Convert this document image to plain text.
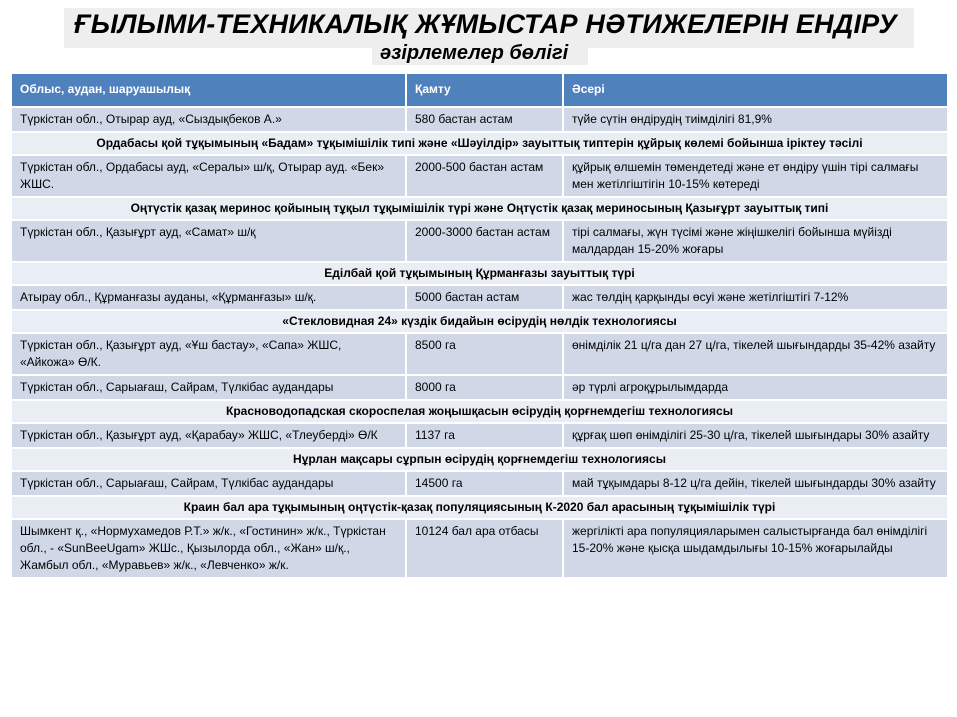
ҒЫЛЫМИ-ТЕХНИКАЛЫҚ ЖҰМЫСТАР НӘТИЖЕЛЕРІН ЕНДІРУ
әзірлемелер бөлігі
Облыс, аудан, шаруашылық	Қамту	Әсері
Түркістан обл., Отырар ауд, «Сыздықбеков А.»	580 бастан астам	түйе сүтін өндірудің тиімділігі 81,9%
Ордабасы қой тұқымының «Бадам» тұқымішілік типі және «Шәуілдір» зауыттық типтерін құйрық көлемі бойынша іріктеу тәсілі		
Түркістан обл., Ордабасы ауд, «Сералы» ш/қ, Отырар ауд. «Бек» ЖШС.	2000-500 бастан астам	құйрық өлшемін төмендетеді және ет өндіру үшін тірі салмағы мен жетілгіштігін 10-15% көтереді
Оңтүстік қазақ меринос қойының тұқыл тұқымішілік түрі және Оңтүстік қазақ мериносының Қазығұрт зауыттық типі		
Түркістан обл., Қазығұрт ауд, «Самат» ш/қ	2000-3000 бастан астам	тірі салмағы, жүн түсімі және жіңішкелігі бойынша мүйізді малдардан 15-20% жоғары
Еділбай қой тұқымының Құрманғазы зауыттық түрі		
Атырау обл., Құрманғазы ауданы, «Құрманғазы» ш/қ.	5000 бастан астам	жас төлдің қарқынды өсуі және жетілгіштігі 7-12%
«Стекловидная 24» күздік бидайын өсірудің нөлдік технологиясы		
Түркістан обл., Қазығұрт ауд, «Ұш бастау», «Сапа» ЖШС, «Айкожа» Ө/К.	8500 га	өнімділік 21 ц/га дан 27 ц/га, тікелей шығындарды 35-42% азайту
Түркістан обл., Сарыағаш, Сайрам, Түлкібас аудандары	8000 га	әр түрлі агроқұрылымдарда
Красноводопадская скороспелая жоңышқасын өсірудің қорғнемдегіш технологиясы		
Түркістан обл., Қазығұрт ауд, «Қарабау» ЖШС, «Тлеуберді» Ө/К	1137 га	құрғақ шөп өнімділігі 25-30 ц/га, тікелей шығындары 30% азайту
Нұрлан мақсары сұрпын өсірудің қорғнемдегіш технологиясы		
Түркістан обл., Сарыағаш, Сайрам, Түлкібас аудандары	14500 га	май тұқымдары 8-12 ц/га дейін, тікелей шығындарды 30% азайту
Краин бал ара тұқымының оңтүстік-қазақ популяциясының К-2020 бал арасының тұқымішілік түрі		
Шымкент қ., «Нормухамедов Р.Т.» ж/к., «Гостинин» ж/к., Түркістан обл., - «SunBeeUgam» ЖШс., Қызылорда обл., «Жан» ш/қ., Жамбыл обл., «Муравьев» ж/к., «Левченко» ж/к.	10124 бал ара отбасы	жергілікті ара популяцияларымен салыстырғанда бал өнімділігі 15-20% және қысқа шыдамдылығы 10-15% жоғарылайды
